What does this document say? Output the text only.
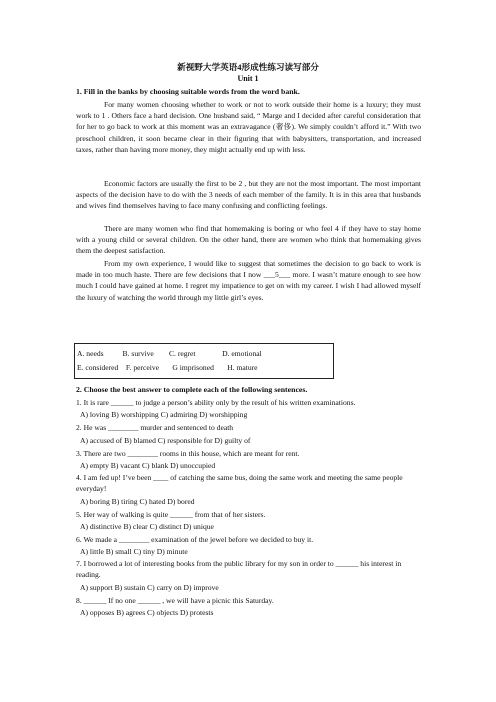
新视野大学英语4形成性练习读写部分
Unit 1
1. Fill in the banks by choosing suitable words from the word bank.
For many women choosing whether to work or not to work outside their home is a luxury; they must work to 1 . Others face a hard decision. One husband said, “ Marge and I decided after careful consideration that for her to go back to work at this moment was an extravagance (奢侈). We simply couldn’t afford it.” With two preschool children, it soon became clear in their figuring that with babysitters, transportation, and increased taxes, rather than having more money, they might actually end up with less.
Economic factors are usually the first to be 2 , but they are not the most important. The most important aspects of the decision have to do with the 3 needs of each member of the family. It is in this area that husbands and wives find themselves having to face many confusing and conflicting feelings.
There are many women who find that homemaking is boring or who feel 4 if they have to stay home with a young child or several children. On the other hand, there are women who think that homemaking gives them the deepest satisfaction.
From my own experience, I would like to suggest that sometimes the decision to go back to work is made in too much haste. There are few decisions that I now ___5___ more. I wasn’t mature enough to see how much I could have gained at home. I regret my impatience to get on with my career. I wish I had allowed myself the luxury of watching the world through my little girl’s eyes.
A. needs          B. survive        C. regret              D. emotional
E. considered    F. perceive       G imprisoned       H. mature
2. Choose the best answer to complete each of the following sentences.
1. It is rare ______ to judge a person’s ability only by the result of his written examinations.
A) loving B) worshipping C) admiring D) worshipping
2. He was ________ murder and sentenced to death
A) accused of B) blamed C) responsible for D) guilty of
3. There are two ________ rooms in this house, which are meant for rent.
A) empty B) vacant C) blank D) unoccupied
4. I am fed up! I’ve been ____ of catching the same bus, doing the same work and meeting the same people everyday!
A) boring B) tiring C) hated D) bored
5. Her way of walking is quite ______ from that of her sisters.
A) distinctive B) clear C) distinct D) unique
6. We made a ________ examination of the jewel before we decided to buy it.
A) little B) small C) tiny D) minute
7. I borrowed a lot of interesting books from the public library for my son in order to ______ his interest in reading.
A) support B) sustain C) carry on D) improve
8. ______ If no one ______ , we will have a picnic this Saturday.
A) opposes B) agrees C) objects D) protests
